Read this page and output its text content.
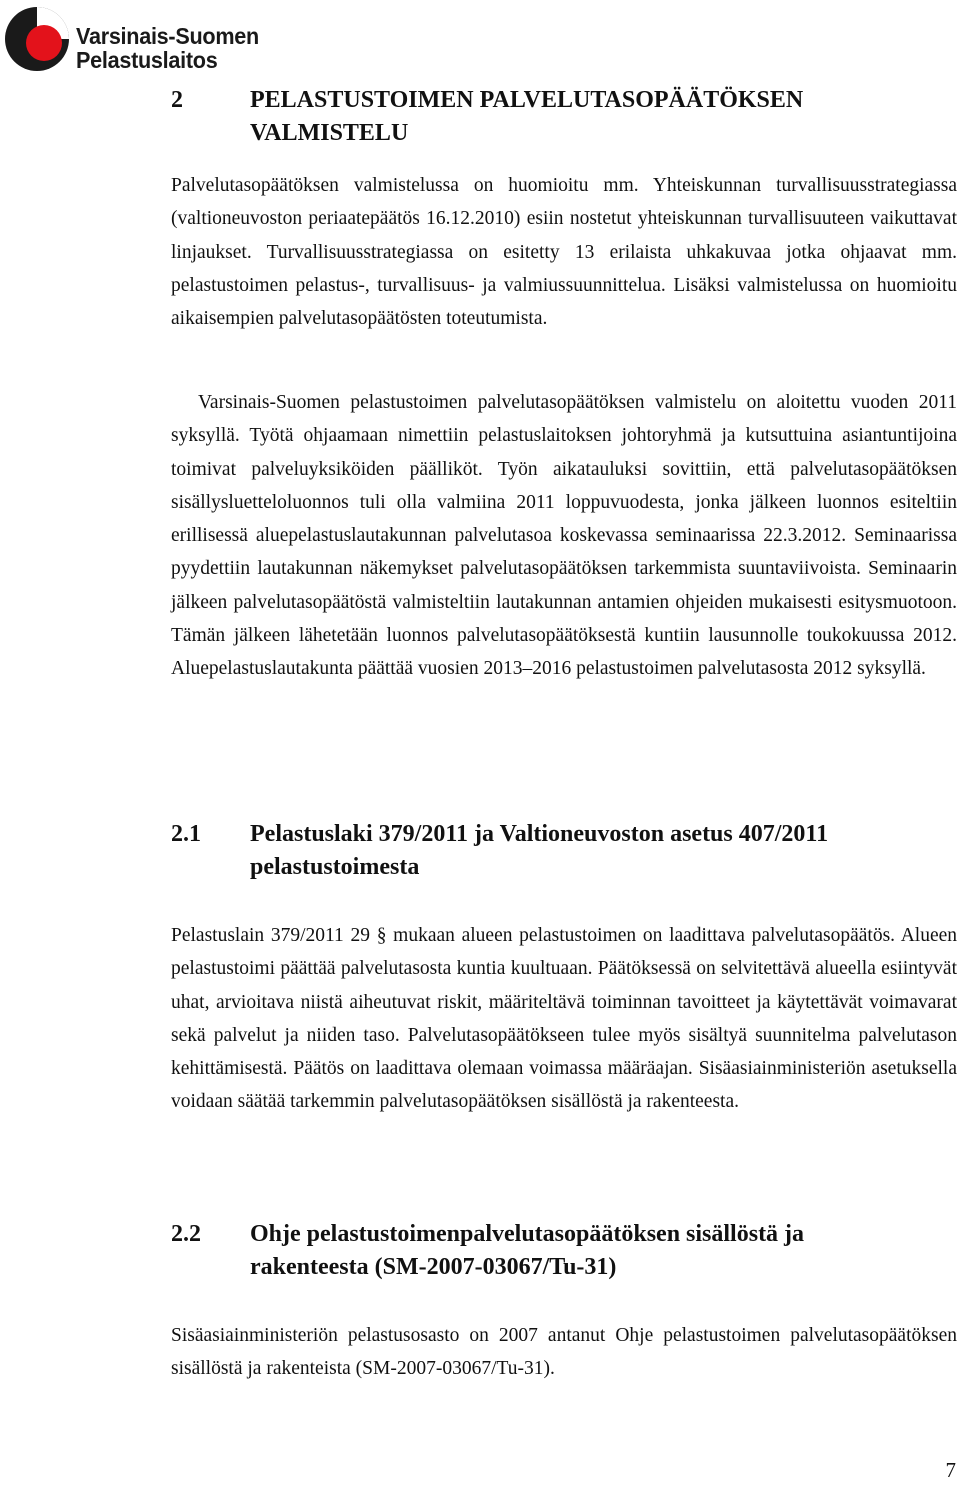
Varsinais-Suomen
Pelastuslaitos
2	PELASTUSTOIMEN PALVELUTASOPÄÄTÖKSEN VALMISTELU

Palvelutasopäätöksen valmistelussa on huomioitu mm. Yhteiskunnan turvallisuusstrategiassa (valtioneuvoston periaatepäätös 16.12.2010) esiin nostetut yhteiskunnan turvallisuuteen vaikuttavat linjaukset. Turvallisuusstrategiassa on esitetty 13 erilaista uhkakuvaa jotka ohjaavat mm. pelastustoimen pelastus-, turvallisuus- ja valmiussuunnittelua. Lisäksi valmistelussa on huomioitu aikaisempien palvelutasopäätösten toteutumista.

Varsinais-Suomen pelastustoimen palvelutasopäätöksen valmistelu on aloitettu vuoden 2011 syksyllä. Työtä ohjaamaan nimettiin pelastuslaitoksen johtoryhmä ja kutsuttuina asiantuntijoina toimivat palveluyksiköiden päälliköt. Työn aikatauluksi sovittiin, että palvelutasopäätöksen sisällysluetteloluonnos tuli olla valmiina 2011 loppuvuodesta, jonka jälkeen luonnos esiteltiin erillisessä aluepelastuslautakunnan palvelutasoa koskevassa seminaarissa 22.3.2012. Seminaarissa pyydettiin lautakunnan näkemykset palvelutasopäätöksen tarkemmista suuntaviivoista. Seminaarin jälkeen palvelutasopäätöstä valmisteltiin lautakunnan antamien ohjeiden mukaisesti esitysmuotoon. Tämän jälkeen lähetetään luonnos palvelutasopäätöksestä kuntiin lausunnolle toukokuussa 2012. Aluepelastuslautakunta päättää vuosien 2013–2016 pelastustoimen palvelutasosta 2012 syksyllä.

2.1 Pelastuslaki 379/2011 ja Valtioneuvoston asetus 407/2011 pelastustoimesta

Pelastuslain 379/2011 29 § mukaan alueen pelastustoimen on laadittava palvelutasopäätös. Alueen pelastustoimi päättää palvelutasosta kuntia kuultuaan. Päätöksessä on selvitettävä alueella esiintyvät uhat, arvioitava niistä aiheutuvat riskit, määriteltävä toiminnan tavoitteet ja käytettävät voimavarat sekä palvelut ja niiden taso. Palvelutasopäätökseen tulee myös sisältyä suunnitelma palvelutason kehittämisestä. Päätös on laadittava olemaan voimassa määräajan. Sisäasiainministeriön asetuksella voidaan säätää tarkemmin palvelutasopäätöksen sisällöstä ja rakenteesta.

2.2 Ohje pelastustoimenpalvelutasopäätöksen sisällöstä ja rakenteesta (SM-2007-03067/Tu-31)

Sisäasiainministeriön pelastusosasto on 2007 antanut Ohje pelastustoimen palvelutasopäätöksen sisällöstä ja rakenteista (SM-2007-03067/Tu-31).

7
